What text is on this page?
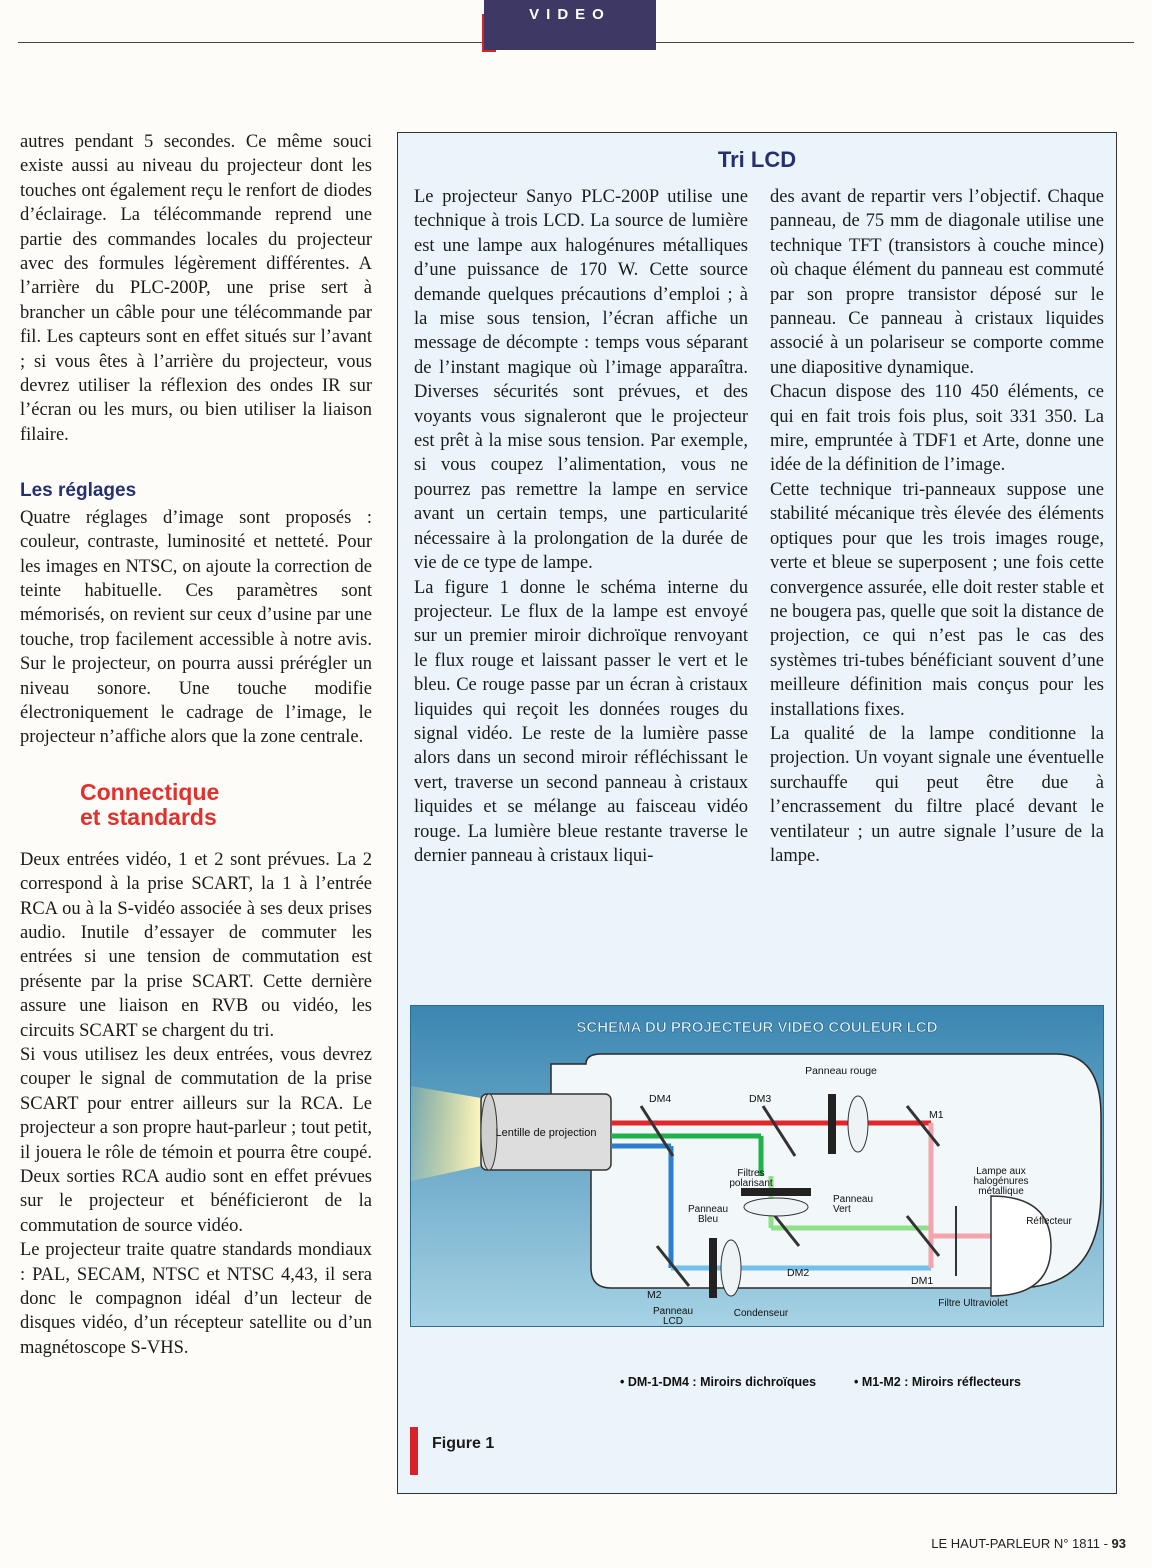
VIDEO

autres pendant 5 secondes. Ce même souci existe aussi au niveau du projecteur dont les touches ont également reçu le renfort de diodes d’éclairage. La télécommande reprend une partie des commandes locales du projecteur avec des formules légèrement différentes. A l’arrière du PLC-200P, une prise sert à brancher un câble pour une télécommande par fil. Les capteurs sont en effet situés sur l’avant ; si vous êtes à l’arrière du projecteur, vous devrez utiliser la réflexion des ondes IR sur l’écran ou les murs, ou bien utiliser la liaison filaire.

Les réglages

Quatre réglages d’image sont proposés : couleur, contraste, luminosité et netteté. Pour les images en NTSC, on ajoute la correction de teinte habituelle. Ces paramètres sont mémorisés, on revient sur ceux d’usine par une touche, trop facilement accessible à notre avis. Sur le projecteur, on pourra aussi prérégler un niveau sonore. Une touche modifie électroniquement le cadrage de l’image, le projecteur n’affiche alors que la zone centrale.

Connectique
et standards

Deux entrées vidéo, 1 et 2 sont prévues. La 2 correspond à la prise SCART, la 1 à l’entrée RCA ou à la S-vidéo associée à ses deux prises audio. Inutile d’essayer de commuter les entrées si une tension de commutation est présente par la prise SCART. Cette dernière assure une liaison en RVB ou vidéo, les circuits SCART se chargent du tri.

Si vous utilisez les deux entrées, vous devrez couper le signal de commutation de la prise SCART pour entrer ailleurs sur la RCA. Le projecteur a son propre haut-parleur ; tout petit, il jouera le rôle de témoin et pourra être coupé. Deux sorties RCA audio sont en effet prévues sur le projecteur et bénéficieront de la commutation de source vidéo.

Le projecteur traite quatre standards mondiaux : PAL, SECAM, NTSC et NTSC 4,43, il sera donc le compagnon idéal d’un lecteur de disques vidéo, d’un récepteur satellite ou d’un magnétoscope S-VHS.

Tri LCD

Le projecteur Sanyo PLC-200P utilise une technique à trois LCD. La source de lumière est une lampe aux halogénures métalliques d’une puissance de 170 W. Cette source demande quelques précautions d’emploi ; à la mise sous tension, l’écran affiche un message de décompte : temps vous séparant de l’instant magique où l’image apparaîtra. Diverses sécurités sont prévues, et des voyants vous signaleront que le projecteur est prêt à la mise sous tension. Par exemple, si vous coupez l’alimentation, vous ne pourrez pas remettre la lampe en service avant un certain temps, une particularité nécessaire à la prolongation de la durée de vie de ce type de lampe.

La figure 1 donne le schéma interne du projecteur. Le flux de la lampe est envoyé sur un premier miroir dichroïque renvoyant le flux rouge et laissant passer le vert et le bleu. Ce rouge passe par un écran à cristaux liquides qui reçoit les données rouges du signal vidéo. Le reste de la lumière passe alors dans un second miroir réfléchissant le vert, traverse un second panneau à cristaux liquides et se mélange au faisceau vidéo rouge. La lumière bleue restante traverse le dernier panneau à cristaux liqui-

des avant de repartir vers l’objectif. Chaque panneau, de 75 mm de diagonale utilise une technique TFT (transistors à couche mince) où chaque élément du panneau est commuté par son propre transistor déposé sur le panneau. Ce panneau à cristaux liquides associé à un polariseur se comporte comme une diapositive dynamique.

Chacun dispose des 110 450 éléments, ce qui en fait trois fois plus, soit 331 350. La mire, empruntée à TDF1 et Arte, donne une idée de la définition de l’image.

Cette technique tri-panneaux suppose une stabilité mécanique très élevée des éléments optiques pour que les trois images rouge, verte et bleue se superposent ; une fois cette convergence assurée, elle doit rester stable et ne bougera pas, quelle que soit la distance de projection, ce qui n’est pas le cas des systèmes tri-tubes bénéficiant souvent d’une meilleure définition mais conçus pour les installations fixes.

La qualité de la lampe conditionne la projection. Un voyant signale une éventuelle surchauffe qui peut être due à l’encrassement du filtre placé devant le ventilateur ; un autre signale l’usure de la lampe.

SCHEMA DU PROJECTEUR VIDEO COULEUR LCD
Lentille de projection
Panneau rouge
DM4	DM3
M1
DM2
DM1
M2
Filtres
polarisant
Panneau
Vert
Panneau
Bleu
Panneau
LCD
Condenseur
Lampe aux
halogénures
métallique
Réflecteur
Filtre Ultraviolet
• DM-1-DM4 : Miroirs dichroïques	• M1-M2 : Miroirs réflecteurs
Figure 1
LE HAUT-PARLEUR N° 1811 - 93
